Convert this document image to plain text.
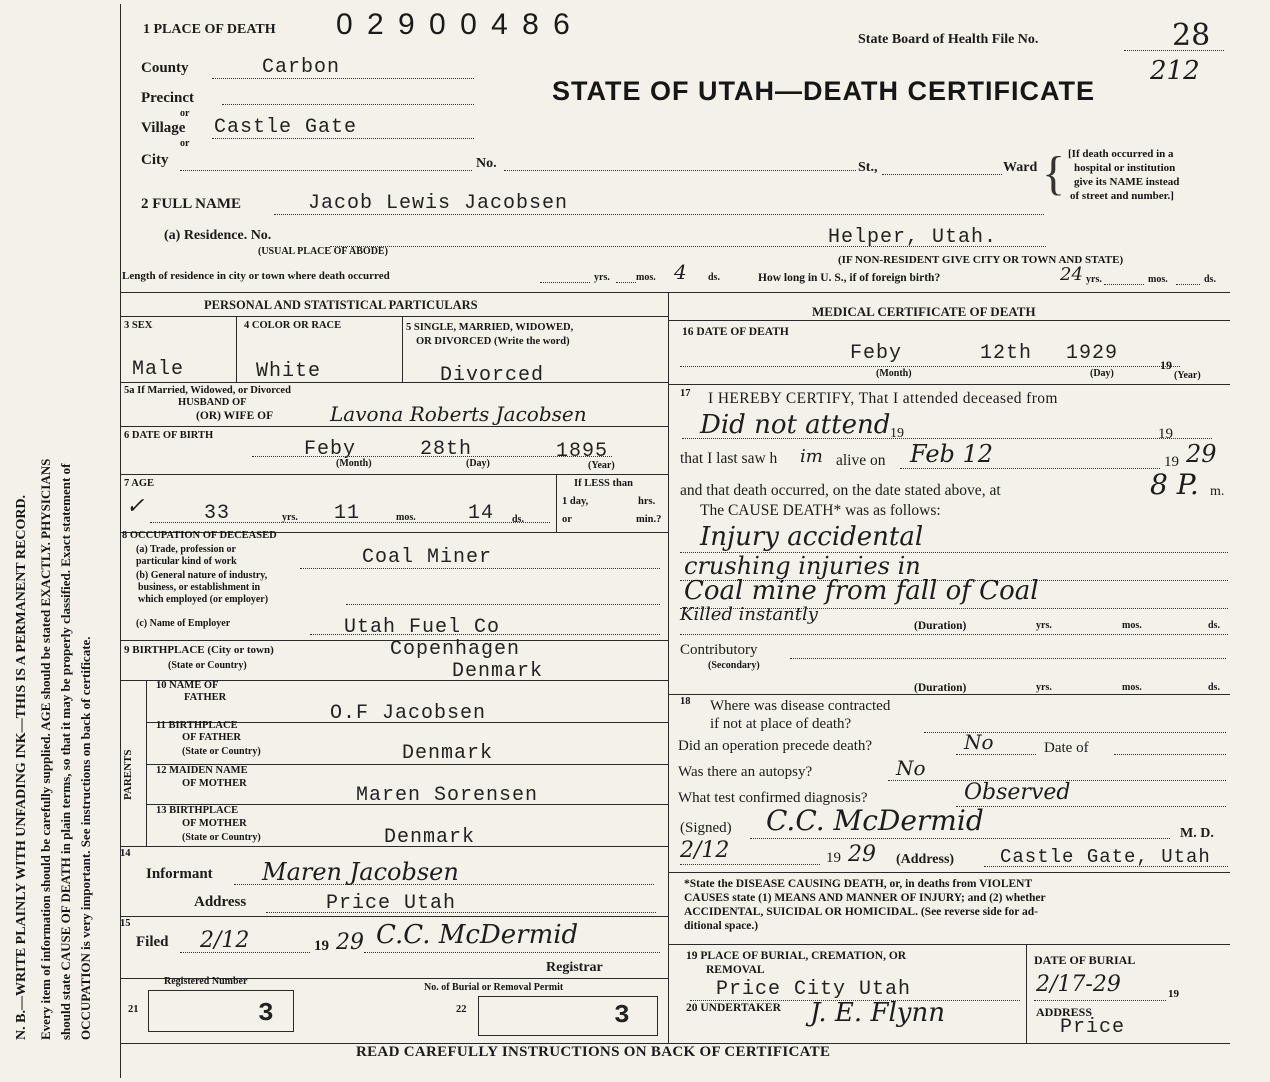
N. B.—WRITE PLAINLY WITH UNFADING INK—THIS IS A PERMANENT RECORD. Every item of information should be carefully supplied. AGE should be stated EXACTLY. PHYSICIANS should state CAUSE OF DEATH in plain terms, so that it may be properly classified. Exact statement of OCCUPATION is very important. See instructions on back of certificate.
1 PLACE OF DEATH 0 2 9 0 0 4 8 6	State Board of Health File No.	28
212
STATE OF UTAH—DEATH CERTIFICATE
County	Carbon
Precinct
or
Village Castle Gate
or
City	No.	St.,	Ward { [If death occurred in a
hospital or institution
give its NAME instead
of street and number.]
2 FULL NAME	Jacob Lewis Jacobsen
(a) Residence. No.
(USUAL PLACE OF ABODE)
Helper, Utah.
(IF NON-RESIDENT GIVE CITY OR TOWN AND STATE)
Length of residence in city or town where death occurred	yrs.	mos. 4 ds.	How long in U. S., if of foreign birth?	24 yrs.	mos.	ds.
PERSONAL AND STATISTICAL PARTICULARS
3 SEX
Male
4 COLOR OR RACE
White
5 SINGLE, MARRIED, WIDOWED,
OR DIVORCED (Write the word)
Divorced
5a If Married, Widowed, or Divorced
HUSBAND OF
(OR) WIFE OF	Lavona Roberts Jacobsen
6 DATE OF BIRTH
Feby	28th	1895
(Month)	(Day)	(Year)
7 AGE
✓	33	yrs. 11	mos.	14 ds.
If LESS than
1 day,	hrs.
or	min.?
8 OCCUPATION OF DECEASED
(a) Trade, profession or
particular kind of work	Coal Miner
(b) General nature of industry,
business, or establishment in
which employed (or employer)
(c) Name of Employer	Utah Fuel Co
9 BIRTHPLACE (City or town)	Copenhagen
(State or Country)	Denmark
PARENTS
10 NAME OF
FATHER
O.F Jacobsen
11 BIRTHPLACE
OF FATHER
(State or Country)	Denmark
12 MAIDEN NAME
OF MOTHER
Maren Sorensen
13 BIRTHPLACE
OF MOTHER
(State or Country)	Denmark
14
Informant Maren Jacobsen
Address	Price Utah
15
Filed 2/12	19 29 C.C. McDermid
Registrar
Registered Number
No. of Burial or Removal Permit
21	3	22	3
MEDICAL CERTIFICATE OF DEATH
16 DATE OF DEATH
Feby	12th 1929	19
(Month)	(Day)	(Year)
17 I HEREBY CERTIFY, That I attended deceased from
Did not attend 19	19
that I last saw h im alive on Feb 12	19 29
and that death occurred, on the date stated above, at	8 P. m.
The CAUSE DEATH* was as follows:
Injury accidental
crushing injuries in
Coal mine from fall of Coal
Killed instantly
(Duration)	yrs.	mos.	ds.
Contributory
(Secondary)
(Duration)	yrs.	mos.	ds.
18 Where was disease contracted
if not at place of death?
Did an operation precede death?	No	Date of
Was there an autopsy?	No
What test confirmed diagnosis?	Observed
(Signed) C.C. McDermid	M. D.
2/12	19 29 (Address) Castle Gate, Utah
*State the DISEASE CAUSING DEATH, or, in deaths from VIOLENT
CAUSES state (1) MEANS AND MANNER OF INJURY; and (2) whether
ACCIDENTAL, SUICIDAL OR HOMICIDAL. (See reverse side for ad-
ditional space.)
19 PLACE OF BURIAL, CREMATION, OR
REMOVAL
Price City Utah
DATE OF BURIAL
2/17-29	19
20 UNDERTAKER J. E. Flynn	ADDRESS
Price
READ CAREFULLY INSTRUCTIONS ON BACK OF CERTIFICATE
